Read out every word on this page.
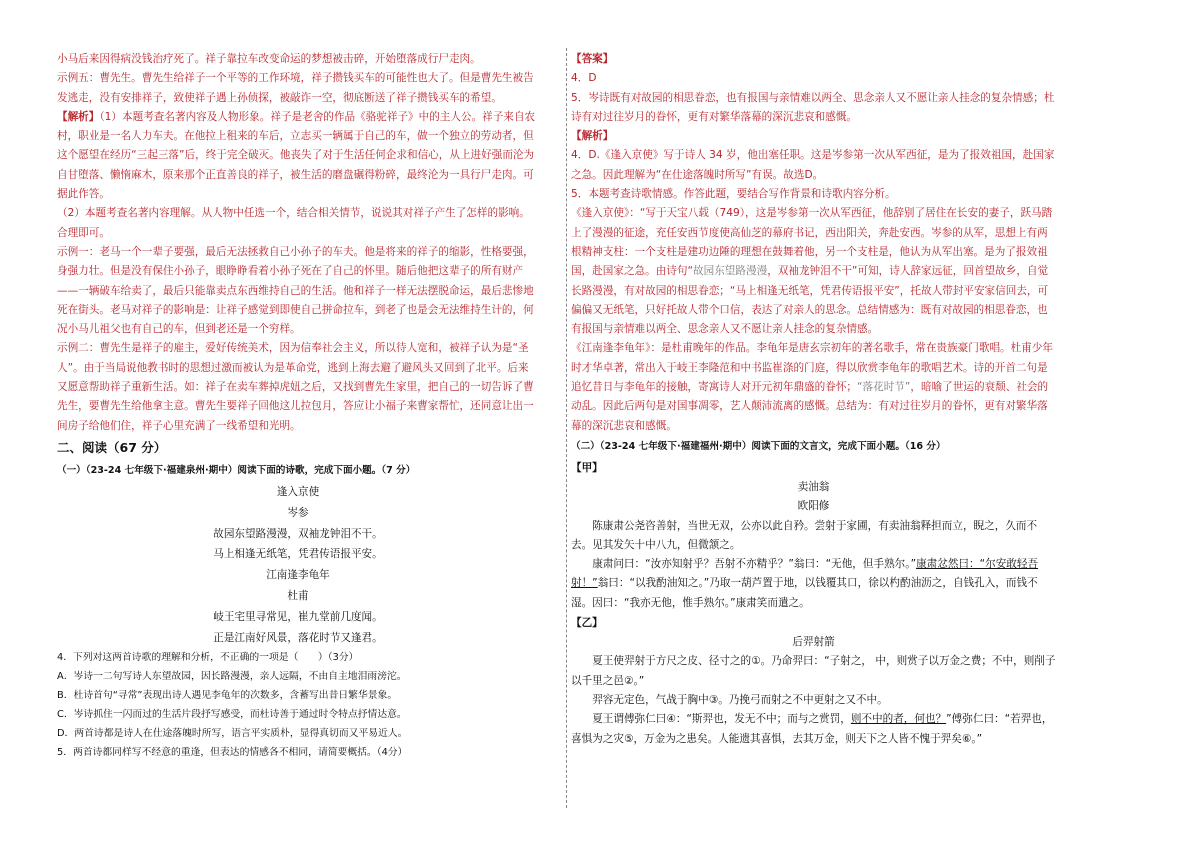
小马后来因得病没钱治疗死了。祥子靠拉车改变命运的梦想被击碎，开始堕落成行尸走肉。

示例五：曹先生。曹先生给祥子一个平等的工作环境，祥子攒钱买车的可能性也大了。但是曹先生被告发逃走，没有安排祥子，致使祥子遇上孙侦探，被敲诈一空，彻底断送了祥子攒钱买车的希望。

【解析】（1）本题考查名著内容及人物形象。祥子是老舍的作品《骆驼祥子》中的主人公。祥子来自农村，职业是一名人力车夫。在他拉上租来的车后，立志买一辆属于自己的车，做一个独立的劳动者，但这个愿望在经历“三起三落”后，终于完全破灭。他丧失了对于生活任何企求和信心，从上进好强而沦为自甘堕落、懒惰麻木，原来那个正直善良的祥子，被生活的磨盘碾得粉碎，最终沦为一具行尸走肉。可据此作答。

（2）本题考查名著内容理解。从人物中任选一个，结合相关情节，说说其对祥子产生了怎样的影响。合理即可。

示例一：老马一个一辈子要强，最后无法拯救自己小孙子的车夫。他是将来的祥子的缩影，性格要强，身强力壮。但是没有保住小孙子，眼睁睁看着小孙子死在了自己的怀里。随后他把这辈子的所有财产——一辆破车给卖了，最后只能靠卖点东西维持自己的生活。他和祥子一样无法摆脱命运，最后悲惨地死在街头。老马对祥子的影响是：让祥子感觉到即使自己拼命拉车，到老了也是会无法维持生计的，何况小马儿祖父也有自己的车，但到老还是一个穷样。

示例二：曹先生是祥子的雇主，爱好传统美术，因为信奉社会主义，所以待人宽和，被祥子认为是“圣人”。由于当局说他教书时的思想过激而被认为是革命党，逃到上海去避了避风头又回到了北平。后来又愿意帮助祥子重新生活。如：祥子在卖车葬掉虎妞之后，又找到曹先生家里，把自己的一切告诉了曹先生，要曹先生给他拿主意。曹先生要祥子回他这儿拉包月，答应让小福子来曹家帮忙，还同意让出一间房子给他们住，祥子心里充满了一线希望和光明。

二、阅读（67 分）

（一）（23-24 七年级下·福建泉州·期中）阅读下面的诗歌，完成下面小题。（7 分）

逢入京使

岑参

故园东望路漫漫，双袖龙钟泪不干。

马上相逢无纸笔，凭君传语报平安。

江南逢李龟年

杜甫

岐王宅里寻常见，崔九堂前几度闻。

正是江南好风景，落花时节又逢君。

4．下列对这两首诗歌的理解和分析，不正确的一项是（　　）（3分）

A．岑诗一二句写诗人东望故园，因长路漫漫，亲人远隔，不由自主地泪雨滂沱。

B．杜诗首句“寻常”表现出诗人遇见李龟年的次数多，含蓄写出昔日繁华景象。

C．岑诗抓住一闪而过的生活片段抒写感受，而杜诗善于通过时令特点抒情达意。

D．两首诗都是诗人在仕途落魄时所写，语言平实质朴，显得真切而又平易近人。

5．两首诗都同样写不经意的重逢，但表达的情感各不相同，请简要概括。（4分）

【答案】

4．D

5．岑诗既有对故园的相思眷恋，也有报国与亲情难以两全、思念亲人又不愿让亲人挂念的复杂情感；杜诗有对过往岁月的眷怀，更有对繁华落幕的深沉悲哀和感慨。

【解析】

4．D.《逢入京使》写于诗人 34 岁，他出塞任职。这是岑参第一次从军西征，是为了报效祖国，赴国家之急。因此理解为“在仕途落魄时所写”有误。故选D。

5．本题考查诗歌情感。作答此题，要结合写作背景和诗歌内容分析。

《逢入京使》：“写于天宝八载（749），这是岑参第一次从军西征，他辞别了居住在长安的妻子，跃马踏上了漫漫的征途，充任安西节度使高仙芝的幕府书记，西出阳关，奔赴安西。岑参的从军，思想上有两根精神支柱：一个支柱是建功边陲的理想在鼓舞着他，另一个支柱是，他认为从军出塞。是为了报效祖国，赴国家之急。由诗句“故园东望路漫漫，双袖龙钟泪不干”可知，诗人辞家远征，回首望故乡，自觉长路漫漫，有对故园的相思眷恋；“马上相逢无纸笔，凭君传语报平安”，托故人带封平安家信回去，可偏偏又无纸笔，只好托故人带个口信，表达了对亲人的思念。总结情感为：既有对故园的相思眷恋，也有报国与亲情难以两全、思念亲人又不愿让亲人挂念的复杂情感。

《江南逢李龟年》：是杜甫晚年的作品。李龟年是唐玄宗初年的著名歌手，常在贵族豪门歌唱。杜甫少年时才华卓著，常出入于岐王李隆范和中书监崔涤的门庭，得以欣赏李龟年的歌唱艺术。诗的开首二句是追忆昔日与李龟年的接触，寄寓诗人对开元初年鼎盛的眷怀；“落花时节”，暗喻了世运的衰颓、社会的动乱。因此后两句是对国事凋零，艺人颠沛流离的感慨。总结为：有对过往岁月的眷怀，更有对繁华落幕的深沉悲哀和感慨。

（二）（23-24 七年级下·福建福州·期中）阅读下面的文言文，完成下面小题。（16 分）

【甲】

卖油翁

欧阳修

陈康肃公尧咨善射，当世无双，公亦以此自矜。尝射于家圃，有卖油翁释担而立，睨之，久而不去。见其发矢十中八九，但微颔之。

康肃问曰：“汝亦知射乎？吾射不亦精乎？”翁曰：“无他，但手熟尔。”康肃忿然曰：“尔安敢轻吾射！”翁曰：“以我酌油知之。”乃取一葫芦置于地，以钱覆其口，徐以杓酌油沥之，自钱孔入，而钱不湿。因曰：“我亦无他，惟手熟尔。”康肃笑而遣之。

【乙】

后羿射箭

夏王使羿射于方尺之皮、径寸之的①。乃命羿曰：“子射之， 中，则赏子以万金之费；不中，则削子以千里之邑②。”

羿容无定色，气战于胸中③。乃挽弓而射之不中更射之又不中。

夏王谓傅弥仁曰④：“斯羿也，发无不中；而与之赏罚，则不中的者，何也？”傅弥仁曰：“若羿也，喜惧为之灾⑤，万金为之患矣。人能遗其喜惧，去其万金，则天下之人皆不愧于羿矣⑥。”
